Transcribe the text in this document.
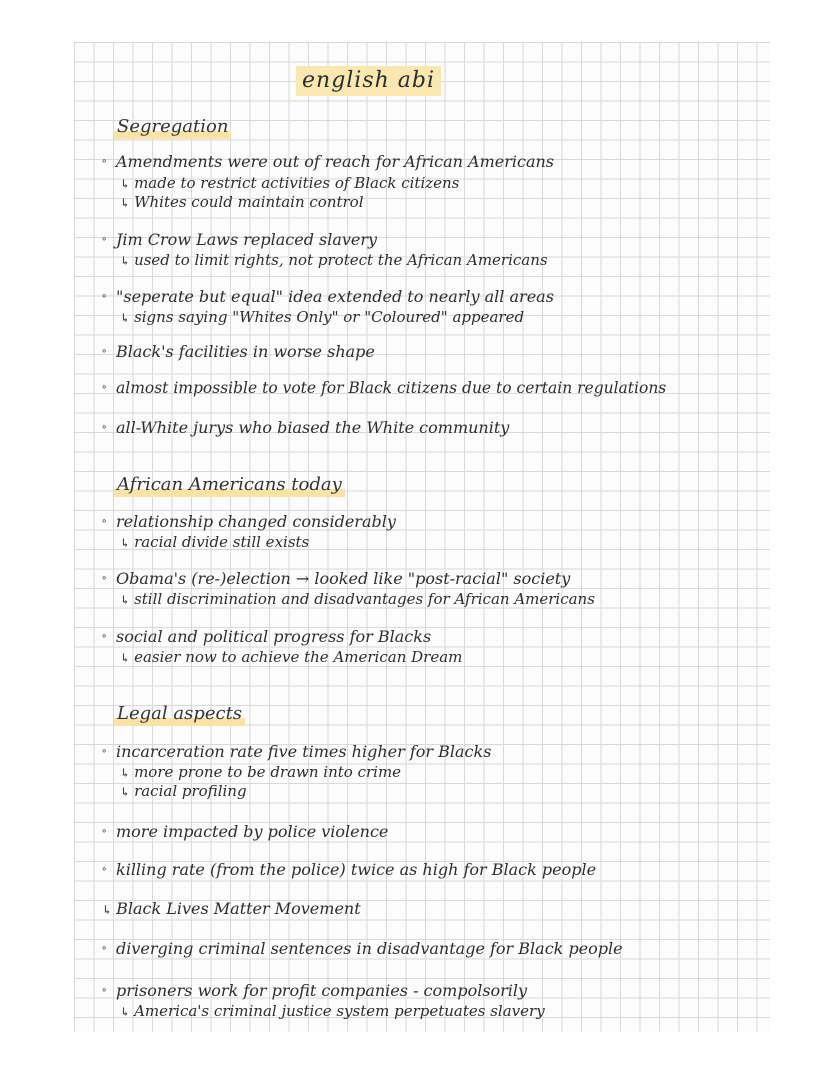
english abi
Segregation
∘ Amendments were out of reach for African Americans
↳ made to restrict activities of Black citizens
↳ Whites could maintain control
∘ Jim Crow Laws replaced slavery
↳ used to limit rights, not protect the African Americans
∘ "seperate but equal" idea extended to nearly all areas
↳ signs saying "Whites Only" or "Coloured" appeared
∘ Black's facilities in worse shape
∘ almost impossible to vote for Black citizens due to certain regulations
∘ all-White jurys who biased the White community
African Americans today
∘ relationship changed considerably
↳ racial divide still exists
∘ Obama's (re-)election → looked like "post-racial" society
↳ still discrimination and disadvantages for African Americans
∘ social and political progress for Blacks
↳ easier now to achieve the American Dream
Legal aspects
∘ incarceration rate five times higher for Blacks
↳ more prone to be drawn into crime
↳ racial profiling
∘ more impacted by police violence
∘ killing rate (from the police) twice as high for Black people
↳ Black Lives Matter Movement
∘ diverging criminal sentences in disadvantage for Black people
∘ prisoners work for profit companies - compolsorily
↳ America's criminal justice system perpetuates slavery
